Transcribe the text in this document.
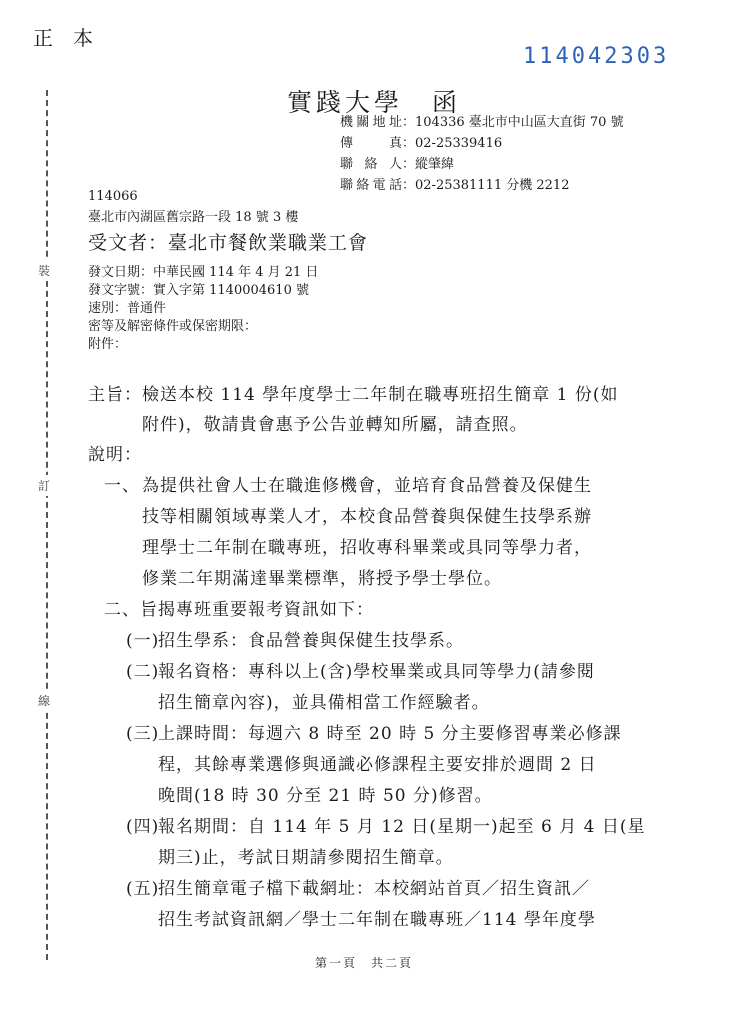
正本
114042303
實踐大學　函
機關地址：104336 臺北市中山區大直街 70 號
傳真：02-25339416
聯絡人：縱肇緯
聯絡電話：02-25381111 分機 2212
114066
臺北市內湖區舊宗路一段 18 號 3 樓
受文者：臺北市餐飲業職業工會
發文日期：中華民國 114 年 4 月 21 日
發文字號：實入字第 1140004610 號
速別：普通件
密等及解密條件或保密期限：
附件：
裝
訂
線
主旨： 檢送本校 114 學年度學士二年制在職專班招生簡章 1 份(如
附件)，敬請貴會惠予公告並轉知所屬，請查照。
說明：
一、 為提供社會人士在職進修機會，並培育食品營養及保健生
技等相關領域專業人才，本校食品營養與保健生技學系辦
理學士二年制在職專班，招收專科畢業或具同等學力者，
修業二年期滿達畢業標準，將授予學士學位。
二、旨揭專班重要報考資訊如下：
(一)
招生學系：食品營養與保健生技學系。
(二)
報名資格：專科以上(含)學校畢業或具同等學力(請參閱
招生簡章內容)，並具備相當工作經驗者。
(三)
上課時間：每週六 8 時至 20 時 5 分主要修習專業必修課
程，其餘專業選修與通識必修課程主要安排於週間 2 日
晚間(18 時 30 分至 21 時 50 分)修習。
(四)
報名期間：自 114 年 5 月 12 日(星期一)起至 6 月 4 日(星
期三)止，考試日期請參閱招生簡章。
(五)
招生簡章電子檔下載網址：本校網站首頁／招生資訊／
招生考試資訊網／學士二年制在職專班／114 學年度學
第一頁　共二頁
